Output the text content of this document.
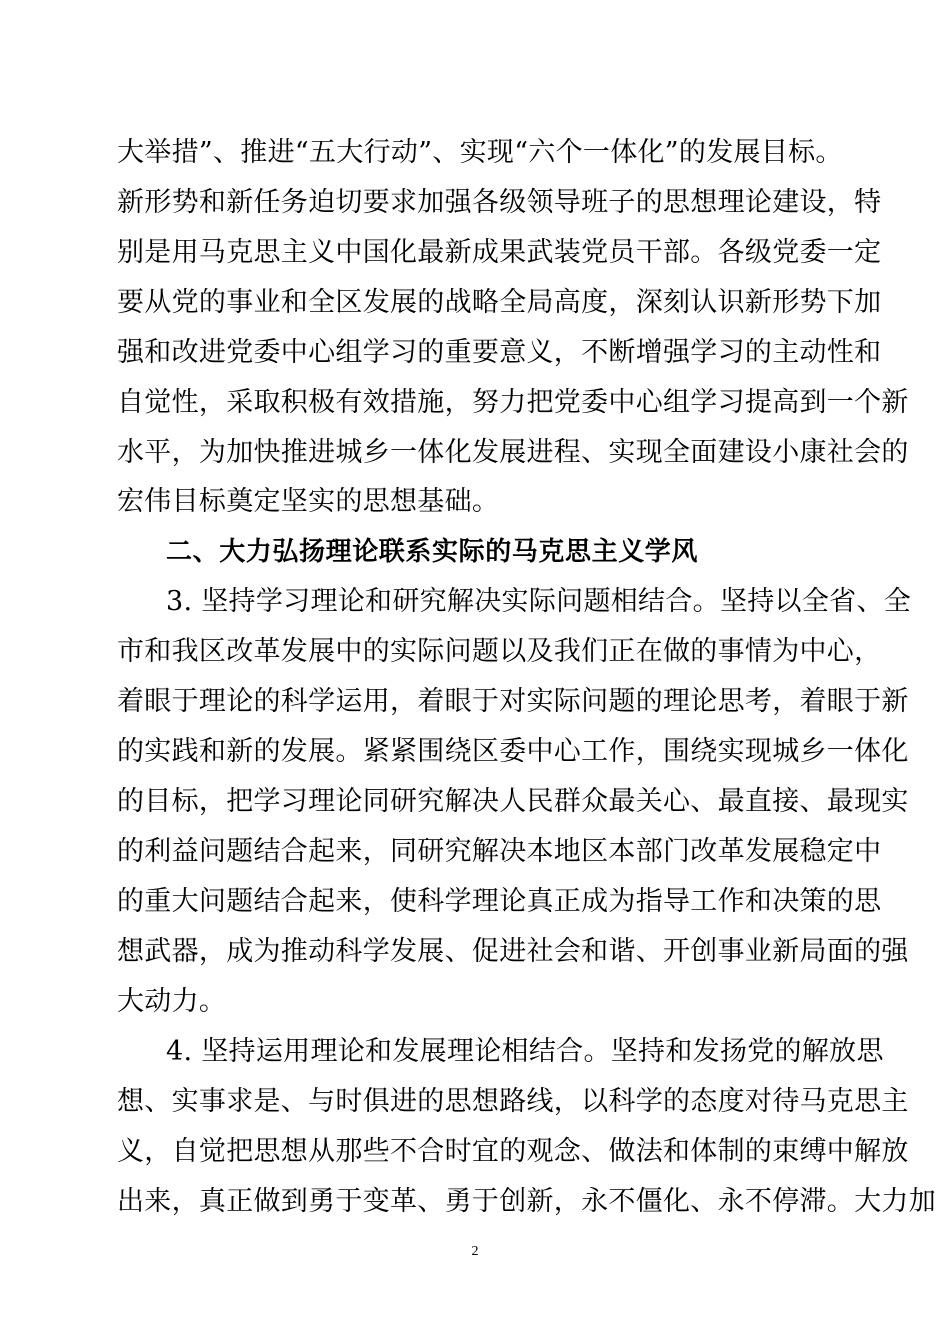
大举措”、推进“五大行动”、实现“六个一体化”的发展目标。
新形势和新任务迫切要求加强各级领导班子的思想理论建设，特
别是用马克思主义中国化最新成果武装党员干部。各级党委一定
要从党的事业和全区发展的战略全局高度，深刻认识新形势下加
强和改进党委中心组学习的重要意义，不断增强学习的主动性和
自觉性，采取积极有效措施，努力把党委中心组学习提高到一个新
水平，为加快推进城乡一体化发展进程、实现全面建设小康社会的
宏伟目标奠定坚实的思想基础。
二、大力弘扬理论联系实际的马克思主义学风
3. 坚持学习理论和研究解决实际问题相结合。坚持以全省、全
市和我区改革发展中的实际问题以及我们正在做的事情为中心，
着眼于理论的科学运用，着眼于对实际问题的理论思考，着眼于新
的实践和新的发展。紧紧围绕区委中心工作，围绕实现城乡一体化
的目标，把学习理论同研究解决人民群众最关心、最直接、最现实
的利益问题结合起来，同研究解决本地区本部门改革发展稳定中
的重大问题结合起来，使科学理论真正成为指导工作和决策的思
想武器，成为推动科学发展、促进社会和谐、开创事业新局面的强
大动力。
4. 坚持运用理论和发展理论相结合。坚持和发扬党的解放思
想、实事求是、与时俱进的思想路线，以科学的态度对待马克思主
义，自觉把思想从那些不合时宜的观念、做法和体制的束缚中解放
出来，真正做到勇于变革、勇于创新，永不僵化、永不停滞。大力加
2
